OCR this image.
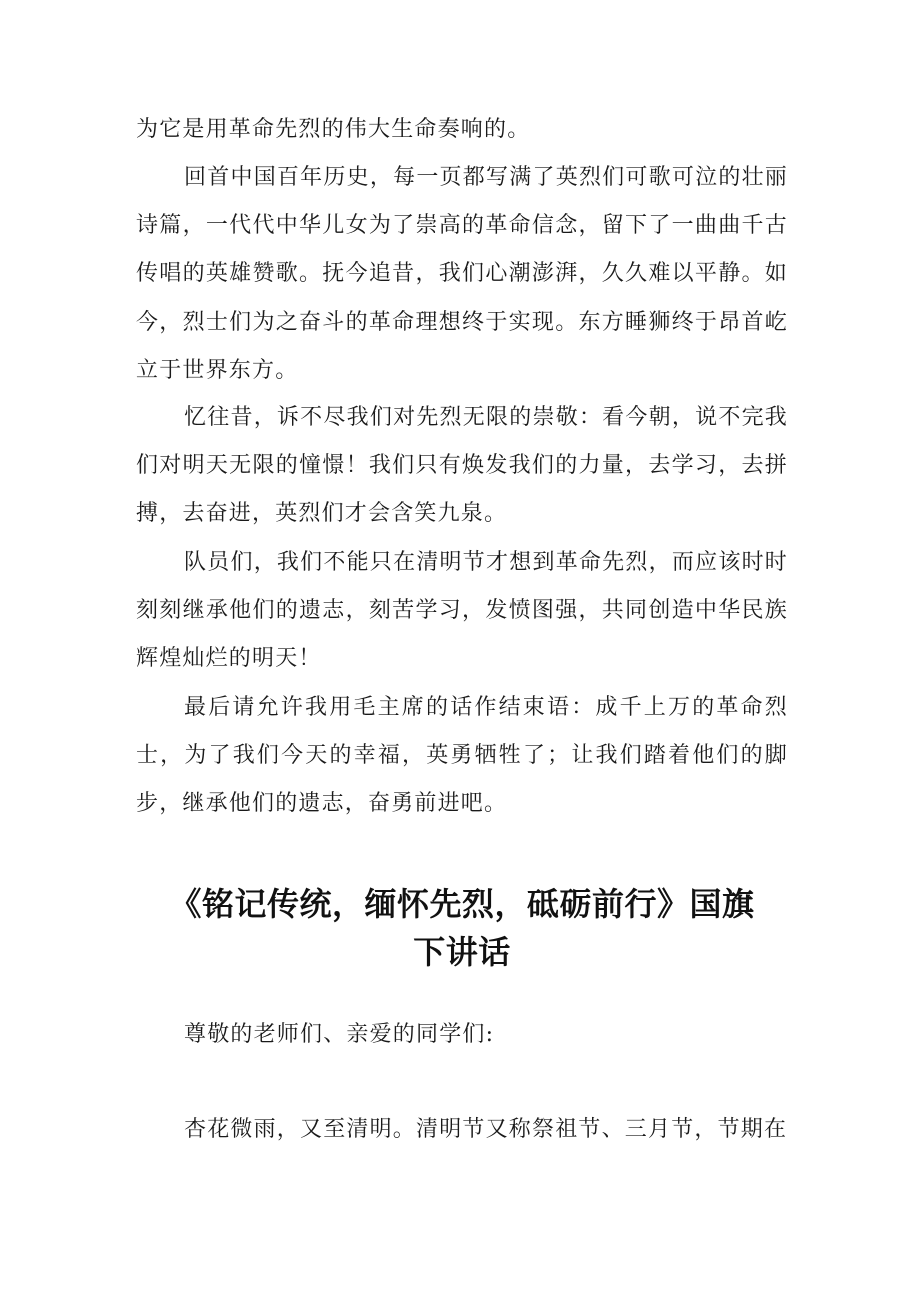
为它是用革命先烈的伟大生命奏响的。

回首中国百年历史，每一页都写满了英烈们可歌可泣的壮丽诗篇，一代代中华儿女为了崇高的革命信念，留下了一曲曲千古传唱的英雄赞歌。抚今追昔，我们心潮澎湃，久久难以平静。如今，烈士们为之奋斗的革命理想终于实现。东方睡狮终于昂首屹立于世界东方。

忆往昔，诉不尽我们对先烈无限的崇敬：看今朝，说不完我们对明天无限的憧憬！我们只有焕发我们的力量，去学习，去拼搏，去奋进，英烈们才会含笑九泉。

队员们，我们不能只在清明节才想到革命先烈，而应该时时刻刻继承他们的遗志，刻苦学习，发愤图强，共同创造中华民族辉煌灿烂的明天！

最后请允许我用毛主席的话作结束语：成千上万的革命烈士，为了我们今天的幸福，英勇牺牲了；让我们踏着他们的脚步，继承他们的遗志，奋勇前进吧。

《铭记传统，缅怀先烈，砥砺前行》国旗
下讲话

尊敬的老师们、亲爱的同学们:

杏花微雨，又至清明。清明节又称祭祖节、三月节，节期在
